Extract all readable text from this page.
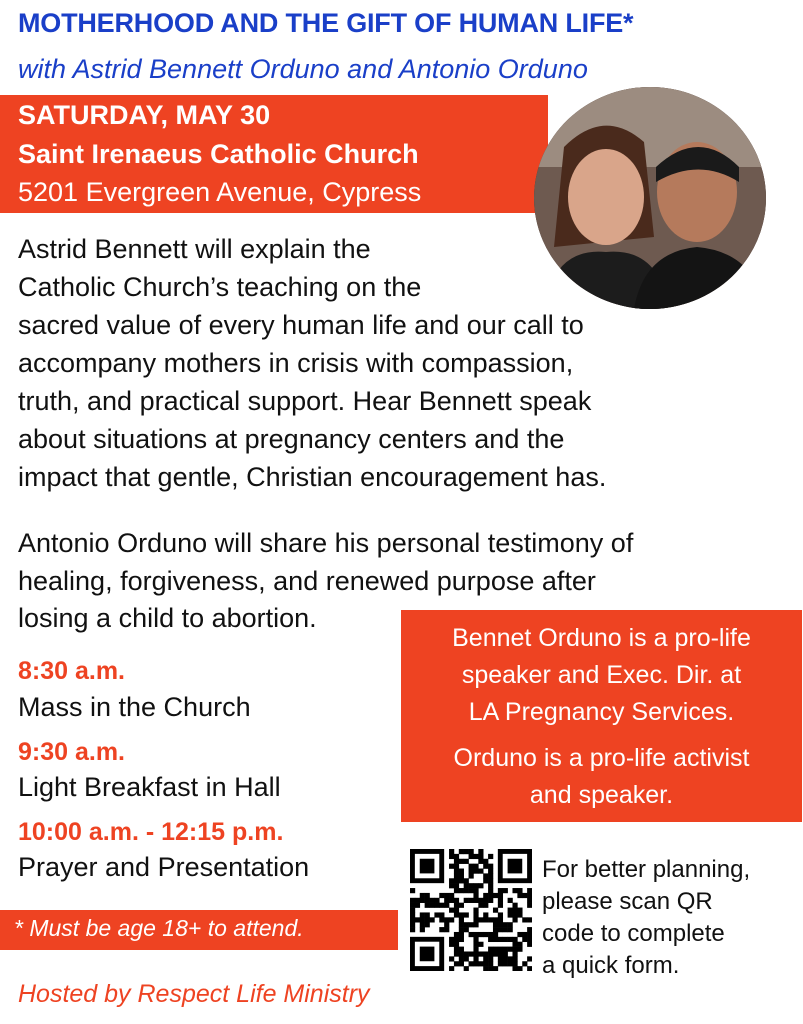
MOTHERHOOD AND THE GIFT OF HUMAN LIFE*
with Astrid Bennett Orduno and Antonio Orduno
SATURDAY, MAY 30
Saint Irenaeus Catholic Church
5201 Evergreen Avenue, Cypress
Astrid Bennett will explain the
Catholic Church’s teaching on the
sacred value of every human life and our call to
accompany mothers in crisis with compassion,
truth, and practical support. Hear Bennett speak
about situations at pregnancy centers and the
impact that gentle, Christian encouragement has.
Antonio Orduno will share his personal testimony of
healing, forgiveness, and renewed purpose after
losing a child to abortion.
8:30 a.m.
Mass in the Church
9:30 a.m.
Light Breakfast in Hall
10:00 a.m. - 12:15 p.m.
Prayer and Presentation
Bennet Orduno is a pro-life
speaker and Exec. Dir. at
LA Pregnancy Services.
Orduno is a pro-life activist
and speaker.
* Must be age 18+ to attend.
For better planning,
please scan QR
code to complete
a quick form.
Hosted by Respect Life Ministry
